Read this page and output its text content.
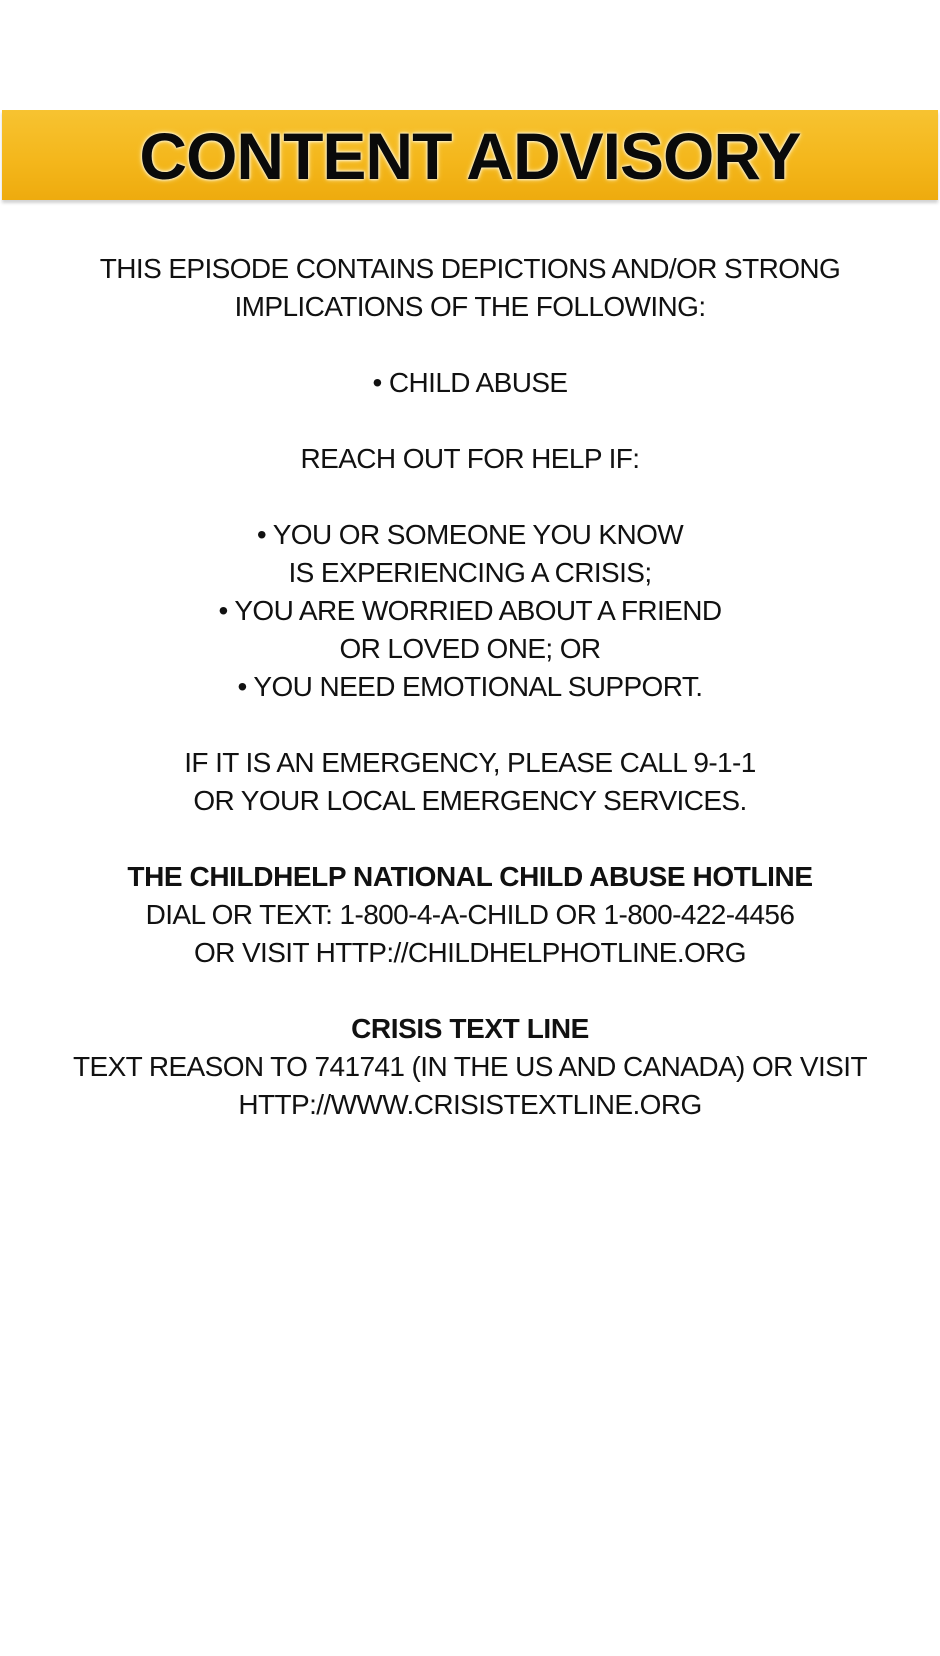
CONTENT ADVISORY
THIS EPISODE CONTAINS DEPICTIONS AND/OR STRONG
IMPLICATIONS OF THE FOLLOWING:
• CHILD ABUSE
REACH OUT FOR HELP IF:
• YOU OR SOMEONE YOU KNOW
IS EXPERIENCING A CRISIS;
• YOU ARE WORRIED ABOUT A FRIEND
OR LOVED ONE; OR
• YOU NEED EMOTIONAL SUPPORT.
IF IT IS AN EMERGENCY, PLEASE CALL 9-1-1
OR YOUR LOCAL EMERGENCY SERVICES.
THE CHILDHELP NATIONAL CHILD ABUSE HOTLINE
DIAL OR TEXT: 1-800-4-A-CHILD OR 1-800-422-4456
OR VISIT HTTP://CHILDHELPHOTLINE.ORG
CRISIS TEXT LINE
TEXT REASON TO 741741 (IN THE US AND CANADA) OR VISIT
HTTP://WWW.CRISISTEXTLINE.ORG
